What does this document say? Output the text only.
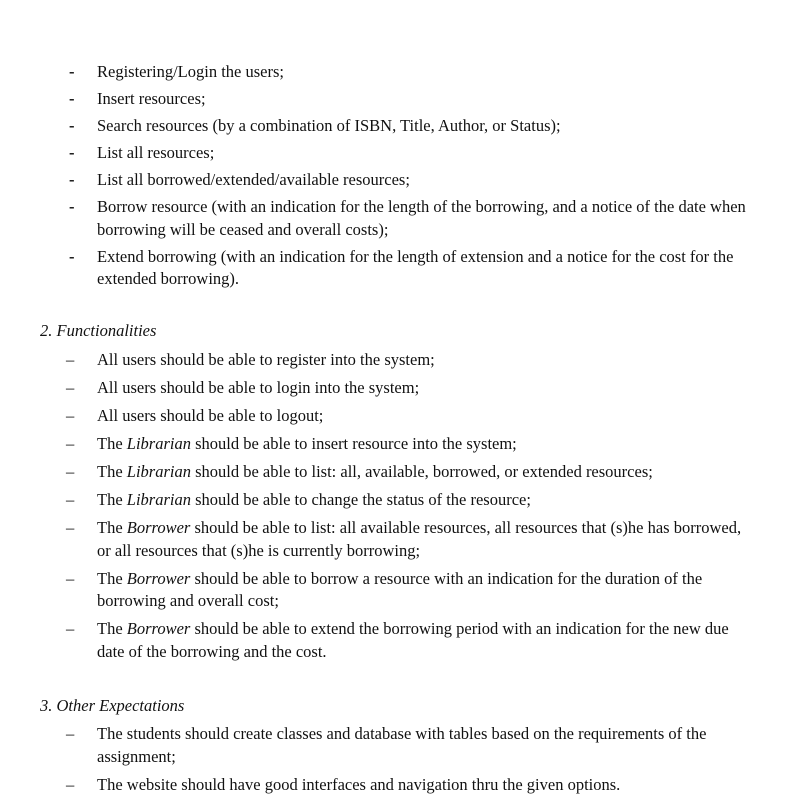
-	Registering/Login the users;
-	Insert resources;
-	Search resources (by a combination of ISBN, Title, Author, or Status);
-	List all resources;
-	List all borrowed/extended/available resources;
-	Borrow resource (with an indication for the length of the borrowing, and a notice of the date when borrowing will be ceased and overall costs);
-	Extend borrowing (with an indication for the length of extension and a notice for the cost for the extended borrowing).
2. Functionalities
–	All users should be able to register into the system;
–	All users should be able to login into the system;
–	All users should be able to logout;
–	The Librarian should be able to insert resource into the system;
–	The Librarian should be able to list: all, available, borrowed, or extended resources;
–	The Librarian should be able to change the status of the resource;
–	The Borrower should be able to list: all available resources, all resources that (s)he has borrowed, or all resources that (s)he is currently borrowing;
–	The Borrower should be able to borrow a resource with an indication for the duration of the borrowing and overall cost;
–	The Borrower should be able to extend the borrowing period with an indication for the new due date of the borrowing and the cost.
3. Other Expectations
–	The students should create classes and database with tables based on the requirements of the assignment;
–	The website should have good interfaces and navigation thru the given options.
